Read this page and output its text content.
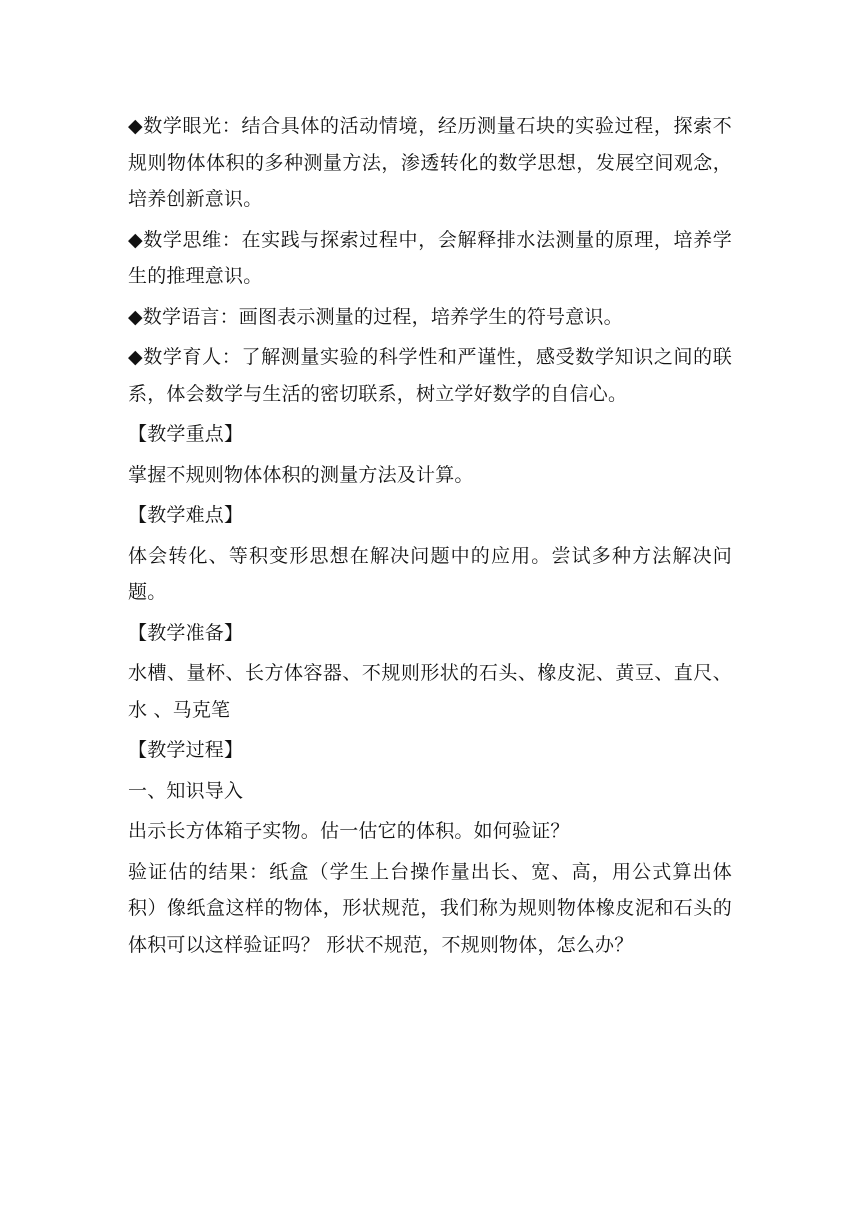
◆数学眼光：结合具体的活动情境，经历测量石块的实验过程，探索不规则物体体积的多种测量方法，渗透转化的数学思想，发展空间观念，培养创新意识。

◆数学思维：在实践与探索过程中，会解释排水法测量的原理，培养学生的推理意识。

◆数学语言：画图表示测量的过程，培养学生的符号意识。

◆数学育人：了解测量实验的科学性和严谨性，感受数学知识之间的联系，体会数学与生活的密切联系，树立学好数学的自信心。

【教学重点】

掌握不规则物体体积的测量方法及计算。

【教学难点】

体会转化、等积变形思想在解决问题中的应用。尝试多种方法解决问题。

【教学准备】

水槽、量杯、长方体容器、不规则形状的石头、橡皮泥、黄豆、直尺、水 、马克笔

【教学过程】

一、知识导入

出示长方体箱子实物。估一估它的体积。如何验证？

验证估的结果：纸盒（学生上台操作量出长、宽、高，用公式算出体积）像纸盒这样的物体，形状规范，我们称为规则物体橡皮泥和石头的体积可以这样验证吗？ 形状不规范，不规则物体，怎么办？
